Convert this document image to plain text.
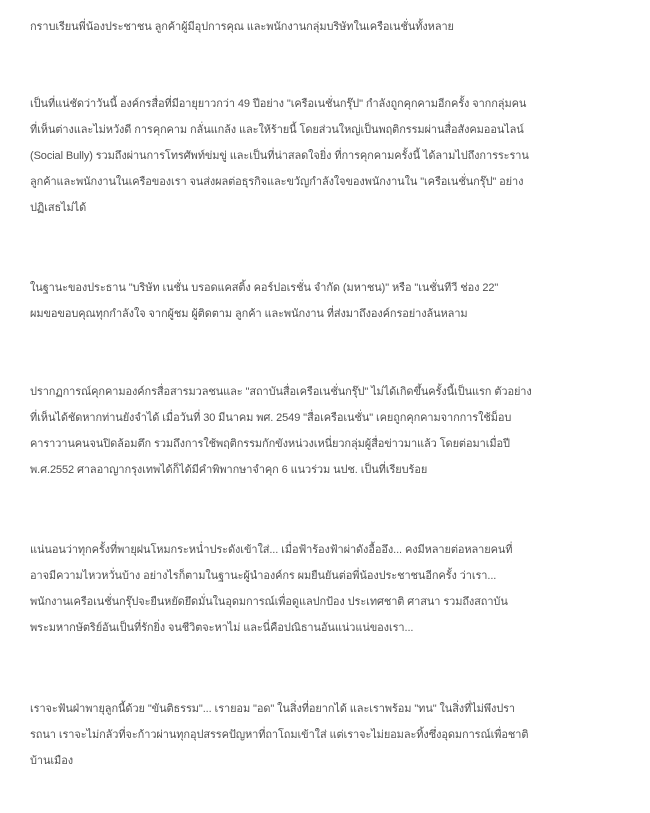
กราบเรียนพี่น้องประชาชน ลูกค้าผู้มีอุปการคุณ และพนักงานกลุ่มบริษัทในเครือเนชั่นทั้งหลาย
เป็นที่แน่ชัดว่าวันนี้ องค์กรสื่อที่มีอายุยาวกว่า 49 ปีอย่าง "เครือเนชั่นกรุ๊ป" กำลังถูกคุกคามอีกครั้ง จากกลุ่มคน
ที่เห็นต่างและไม่หวังดี การคุกคาม กลั่นแกล้ง และให้ร้ายนี้ โดยส่วนใหญ่เป็นพฤติกรรมผ่านสื่อสังคมออนไลน์
(Social Bully) รวมถึงผ่านการโทรศัพท์ข่มขู่ และเป็นที่น่าสลดใจยิ่ง ที่การคุกคามครั้งนี้ ได้ลามไปถึงการระราน
ลูกค้าและพนักงานในเครือของเรา จนส่งผลต่อธุรกิจและขวัญกำลังใจของพนักงานใน "เครือเนชั่นกรุ๊ป" อย่าง
ปฏิเสธไม่ได้
ในฐานะของประธาน "บริษัท เนชั่น บรอดแคสติ้ง คอร์ปอเรชั่น จำกัด (มหาชน)" หรือ "เนชั่นทีวี ช่อง 22"
ผมขอขอบคุณทุกกำลังใจ จากผู้ชม ผู้ติดตาม ลูกค้า และพนักงาน ที่ส่งมาถึงองค์กรอย่างล้นหลาม
ปรากฏการณ์คุกคามองค์กรสื่อสารมวลชนและ "สถาบันสื่อเครือเนชั่นกรุ๊ป" ไม่ได้เกิดขึ้นครั้งนี้เป็นแรก ตัวอย่าง
ที่เห็นได้ชัดหากท่านยังจำได้ เมื่อวันที่ 30 มีนาคม พศ. 2549 "สื่อเครือเนชั่น" เคยถูกคุกคามจากการใช้ม็อบ
คาราวานคนจนปิดล้อมตึก รวมถึงการใช้พฤติกรรมกักขังหน่วงเหนี่ยวกลุ่มผู้สื่อข่าวมาแล้ว โดยต่อมาเมื่อปี
พ.ศ.2552 ศาลอาญากรุงเทพได้ก็ได้มีคำพิพากษาจำคุก 6 แนวร่วม นปช. เป็นที่เรียบร้อย
แน่นอนว่าทุกครั้งที่พายุฝนโหมกระหน่ำประดังเข้าใส่... เมื่อฟ้าร้องฟ้าผ่าดังอื้ออึง... คงมีหลายต่อหลายคนที่
อาจมีความไหวหวั่นบ้าง อย่างไรก็ตามในฐานะผู้นำองค์กร ผมยืนยันต่อพี่น้องประชาชนอีกครั้ง ว่าเรา...
พนักงานเครือเนชั่นกรุ๊ปจะยืนหยัดยึดมั่นในอุดมการณ์เพื่อดูแลปกป้อง ประเทศชาติ ศาสนา รวมถึงสถาบัน
พระมหากษัตริย์อันเป็นที่รักยิ่ง จนชีวิตจะหาไม่ และนี่คือปณิธานอันแน่วแน่ของเรา...
เราจะฟันฝ่าพายุลูกนี้ด้วย "ขันติธรรม"... เรายอม "อด" ในสิ่งที่อยากได้ และเราพร้อม "ทน" ในสิ่งที่ไม่พึงปรา
รถนา เราจะไม่กลัวที่จะก้าวผ่านทุกอุปสรรคปัญหาที่ถาโถมเข้าใส่ แต่เราจะไม่ยอมละทิ้งซึ่งอุดมการณ์เพื่อชาติ
บ้านเมือง
